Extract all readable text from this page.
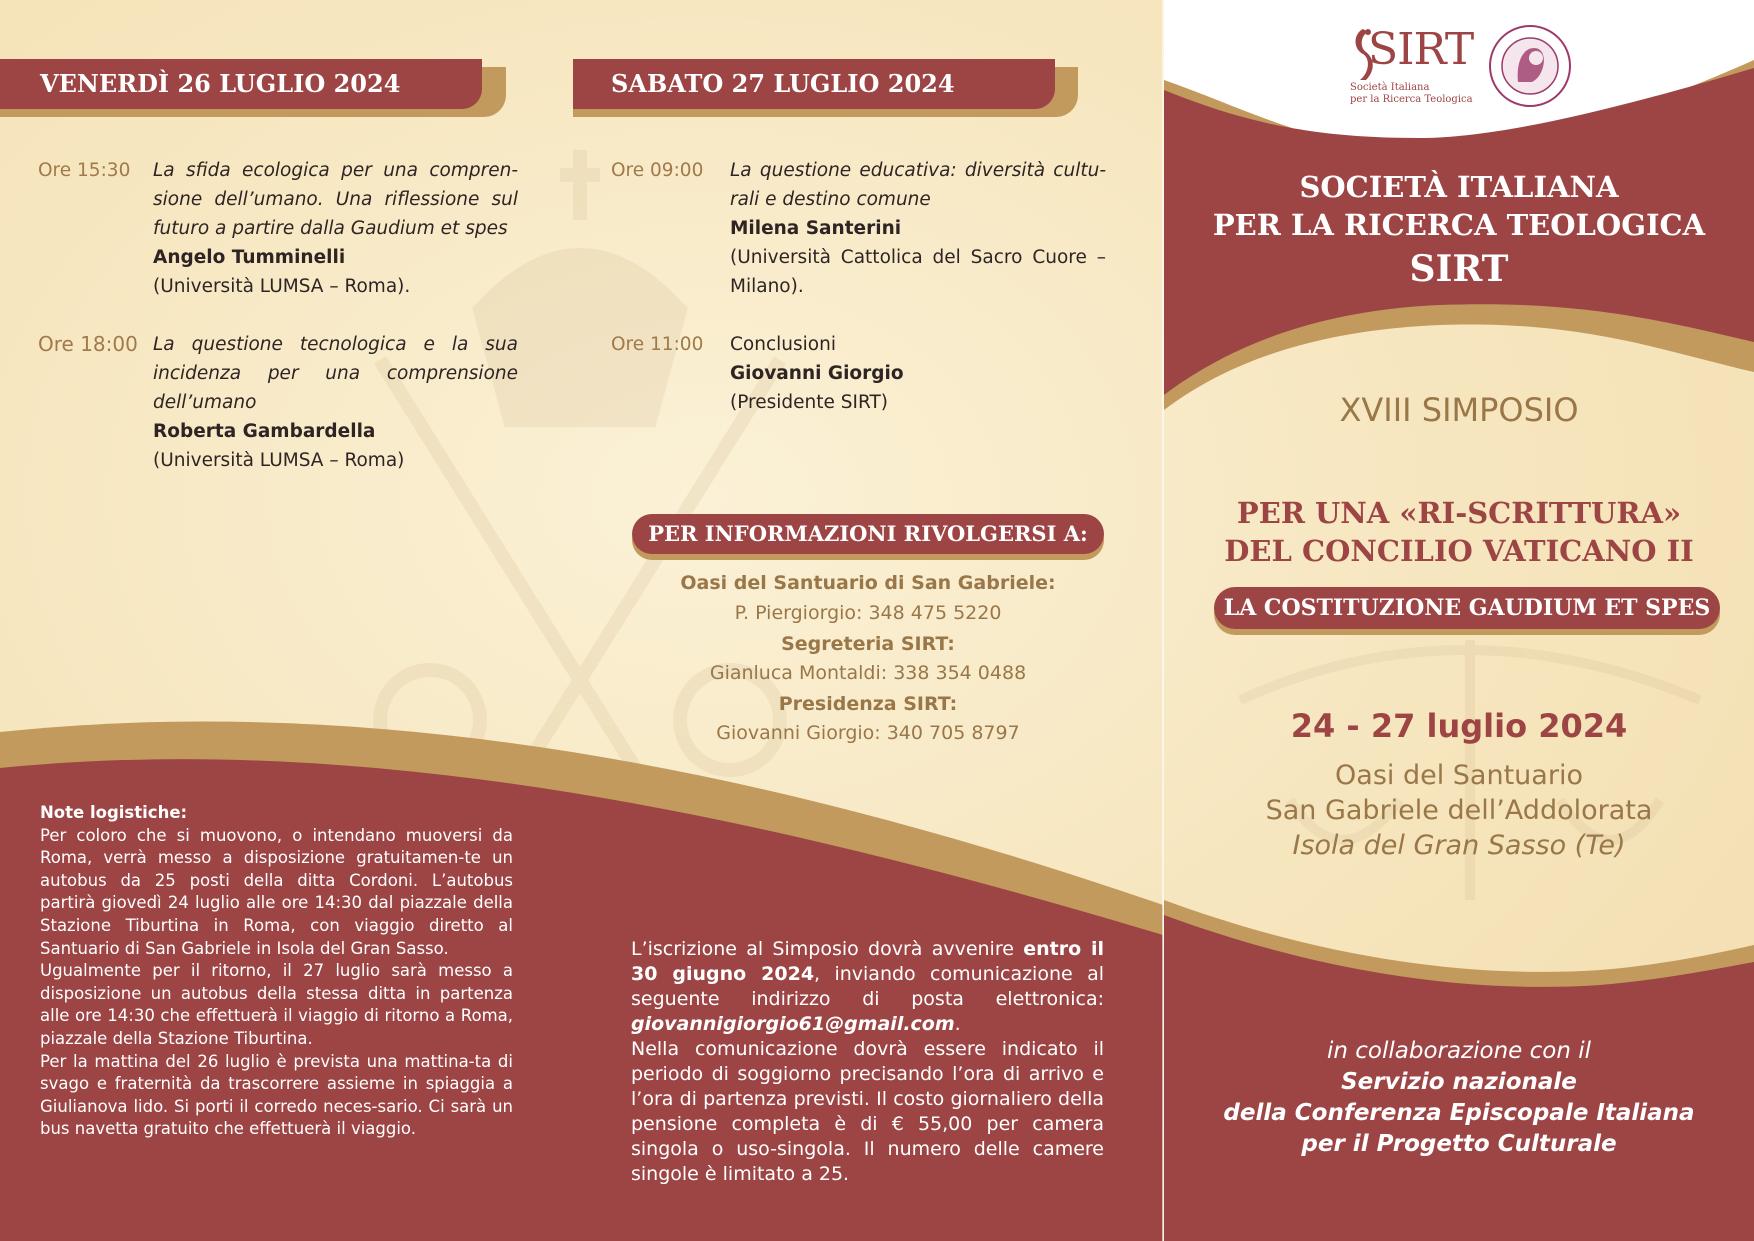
VENERDÌ 26 LUGLIO 2024	SABATO 27 LUGLIO 2024
Ore 15:30 La sfida ecologica per una compren-sione dell’umano. Una riflessione sul futuro a partire dalla Gaudium et spes
Angelo Tumminelli
(Università LUMSA – Roma).
Ore 18:00 La questione tecnologica e la sua incidenza per una comprensione dell’umano
Roberta Gambardella
(Università LUMSA – Roma)
Ore 09:00 La questione educativa: diversità cultu-rali e destino comune
Milena Santerini
(Università Cattolica del Sacro Cuore – Milano).
Ore 11:00 Conclusioni
Giovanni Giorgio
(Presidente SIRT)
PER INFORMAZIONI RIVOLGERSI A:
Oasi del Santuario di San Gabriele:
P. Piergiorgio: 348 475 5220
Segreteria SIRT:
Gianluca Montaldi: 338 354 0488
Presidenza SIRT:
Giovanni Giorgio: 340 705 8797
Note logistiche:
Per coloro che si muovono, o intendano muoversi da Roma, verrà messo a disposizione gratuitamen-te un autobus da 25 posti della ditta Cordoni. L’autobus partirà giovedì 24 luglio alle ore 14:30 dal piazzale della Stazione Tiburtina in Roma, con viaggio diretto al Santuario di San Gabriele in Isola del Gran Sasso.
Ugualmente per il ritorno, il 27 luglio sarà messo a disposizione un autobus della stessa ditta in partenza alle ore 14:30 che effettuerà il viaggio di ritorno a Roma, piazzale della Stazione Tiburtina.
Per la mattina del 26 luglio è prevista una mattina-ta di svago e fraternità da trascorrere assieme in spiaggia a Giulianova lido. Si porti il corredo neces-sario. Ci sarà un bus navetta gratuito che effettuerà il viaggio.
L’iscrizione al Simposio dovrà avvenire entro il 30 giugno 2024, inviando comunicazione al seguente indirizzo di posta elettronica: giovannigiorgio61@gmail.com.
Nella comunicazione dovrà essere indicato il periodo di soggiorno precisando l’ora di arrivo e l’ora di partenza previsti. Il costo giornaliero della pensione completa è di € 55,00 per camera singola o uso-singola. Il numero delle camere singole è limitato a 25.
SIRT
Società Italiana
per la Ricerca Teologica
SOCIETÀ ITALIANA
PER LA RICERCA TEOLOGICA
SIRT
XVIII SIMPOSIO
PER UNA «RI-SCRITTURA»
DEL CONCILIO VATICANO II
LA COSTITUZIONE GAUDIUM ET SPES
24 - 27 luglio 2024
Oasi del Santuario
San Gabriele dell’Addolorata
Isola del Gran Sasso (Te)
in collaborazione con il
Servizio nazionale
della Conferenza Episcopale Italiana
per il Progetto Culturale
